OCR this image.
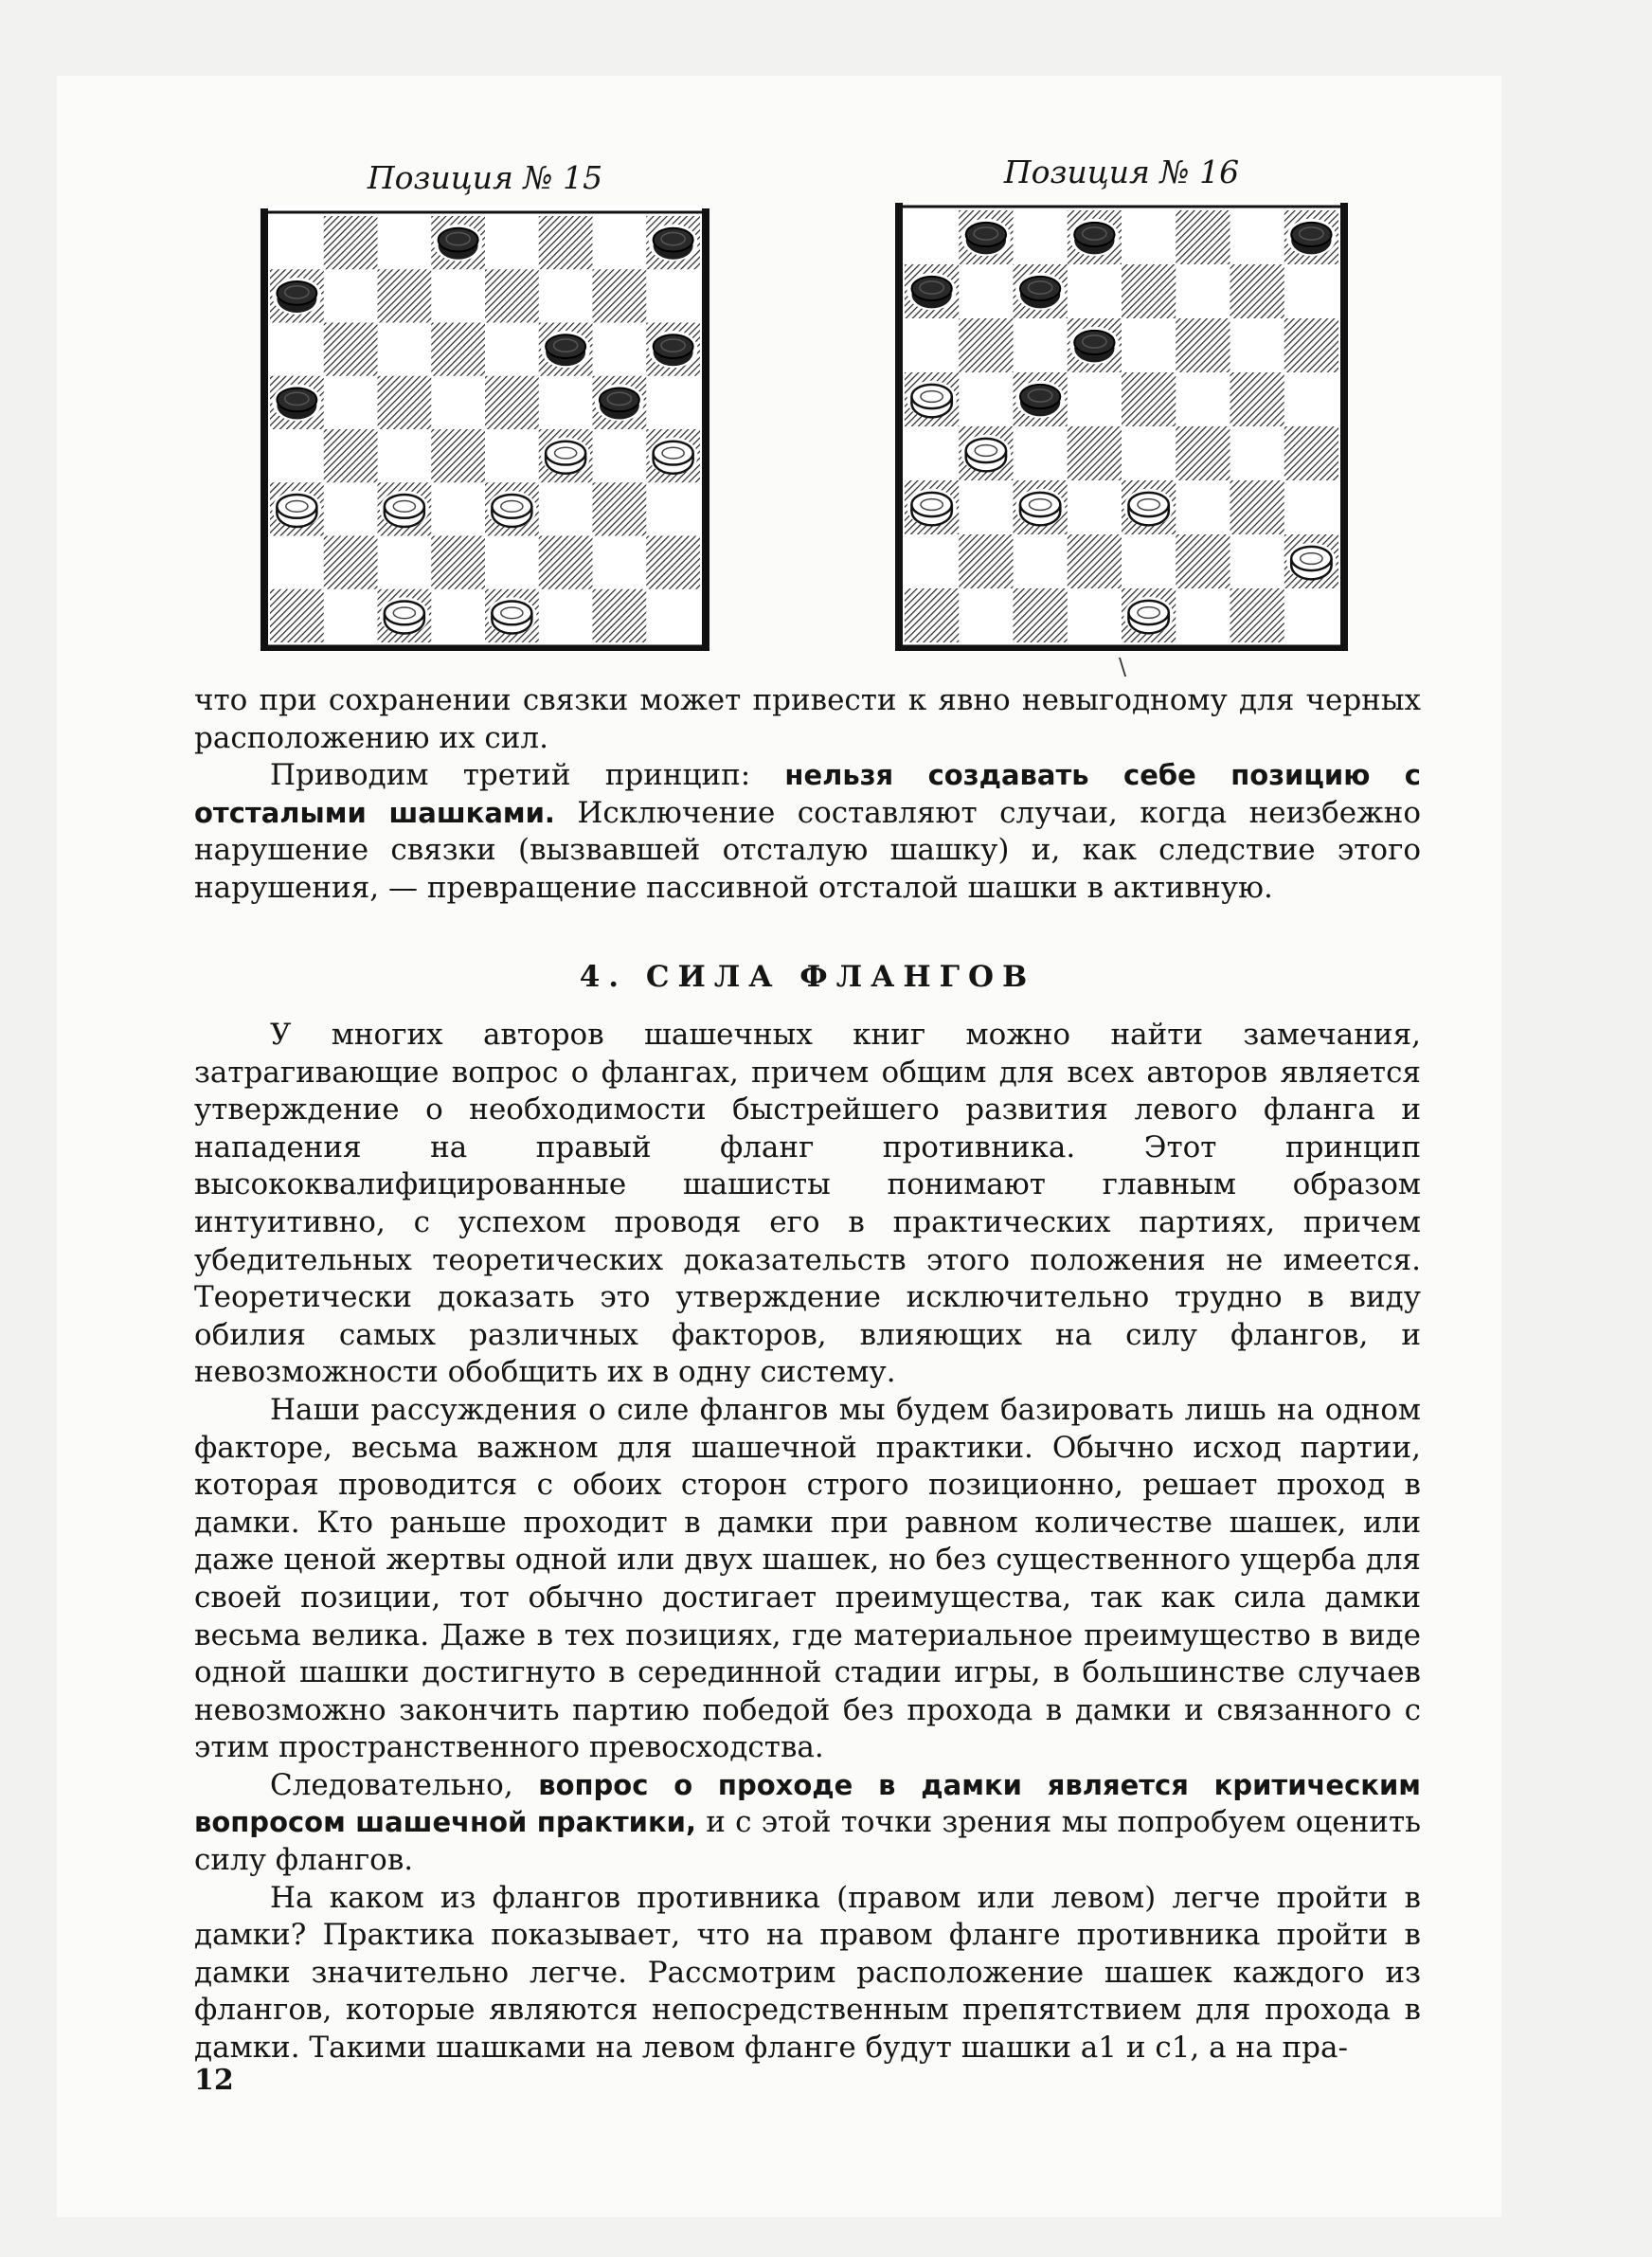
Позиция № 15	Позиция № 16
\

что при сохранении связки может привести к явно невыгодному для черных расположению их сил.

Приводим третий принцип: нельзя создавать себе позицию с отсталыми шашками. Исключение составляют случаи, когда неизбежно нарушение связки (вызвавшей отсталую шашку) и, как следствие этого нарушения, — превращение пассивной отсталой шашки в активную.

4. СИЛА ФЛАНГОВ

У многих авторов шашечных книг можно найти замечания, затрагивающие вопрос о флангах, причем общим для всех авторов является утверждение о необходимости быстрейшего развития левого фланга и нападения на правый фланг противника. Этот принцип высококвалифицированные шашисты понимают главным образом интуитивно, с успехом проводя его в практических партиях, причем убедительных теоретических доказательств этого положения не имеется. Теоретически доказать это утверждение исключительно трудно в виду обилия самых различных факторов, влияющих на силу флангов, и невозможности обобщить их в одну систему.

Наши рассуждения о силе флангов мы будем базировать лишь на одном факторе, весьма важном для шашечной практики. Обычно исход партии, которая проводится с обоих сторон строго позиционно, решает проход в дамки. Кто раньше проходит в дамки при равном количестве шашек, или даже ценой жертвы одной или двух шашек, но без существенного ущерба для своей позиции, тот обычно достигает преимущества, так как сила дамки весьма велика. Даже в тех позициях, где материальное преимущество в виде одной шашки достигнуто в серединной стадии игры, в большинстве случаев невозможно закончить партию победой без прохода в дамки и связанного с этим пространственного превосходства.

Следовательно, вопрос о проходе в дамки является критическим вопросом шашечной практики, и с этой точки зрения мы попробуем оценить силу флангов.

На каком из флангов противника (правом или левом) легче пройти в дамки? Практика показывает, что на правом фланге противника пройти в дамки значительно легче. Рассмотрим расположение шашек каждого из флангов, которые являются непосредственным препятствием для прохода в дамки. Такими шашками на левом фланге будут шашки a1 и c1, а на пра-

12
